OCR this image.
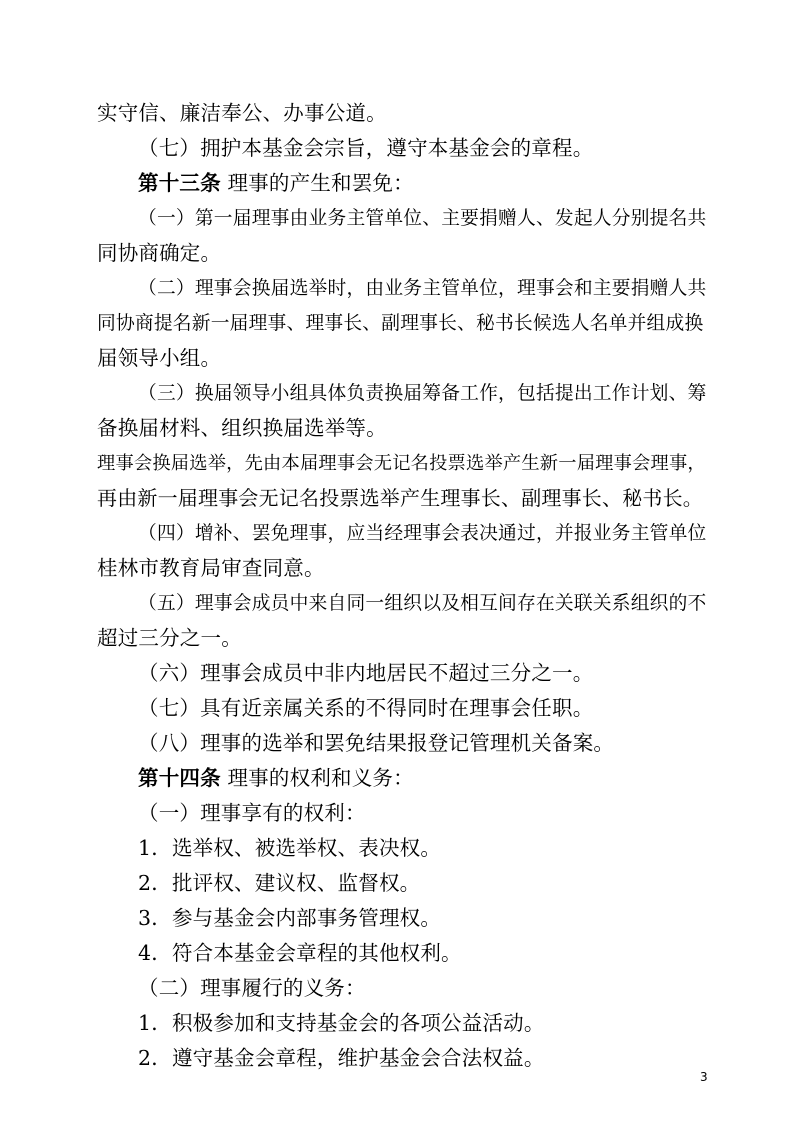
实守信、廉洁奉公、办事公道。
（七）拥护本基金会宗旨，遵守本基金会的章程。
第十三条 理事的产生和罢免：
（一）第一届理事由业务主管单位、主要捐赠人、发起人分别提名共
同协商确定。
（二）理事会换届选举时，由业务主管单位，理事会和主要捐赠人共
同协商提名新一届理事、理事长、副理事长、秘书长候选人名单并组成换
届领导小组。
（三）换届领导小组具体负责换届筹备工作，包括提出工作计划、筹
备换届材料、组织换届选举等。
理事会换届选举，先由本届理事会无记名投票选举产生新一届理事会理事，
再由新一届理事会无记名投票选举产生理事长、副理事长、秘书长。
（四）增补、罢免理事，应当经理事会表决通过，并报业务主管单位
桂林市教育局审查同意。
（五）理事会成员中来自同一组织以及相互间存在关联关系组织的不
超过三分之一。
（六）理事会成员中非内地居民不超过三分之一。
（七）具有近亲属关系的不得同时在理事会任职。
（八）理事的选举和罢免结果报登记管理机关备案。
第十四条 理事的权利和义务：
（一）理事享有的权利：
1．选举权、被选举权、表决权。
2．批评权、建议权、监督权。
3．参与基金会内部事务管理权。
4．符合本基金会章程的其他权利。
（二）理事履行的义务：
1．积极参加和支持基金会的各项公益活动。
2．遵守基金会章程，维护基金会合法权益。
3
